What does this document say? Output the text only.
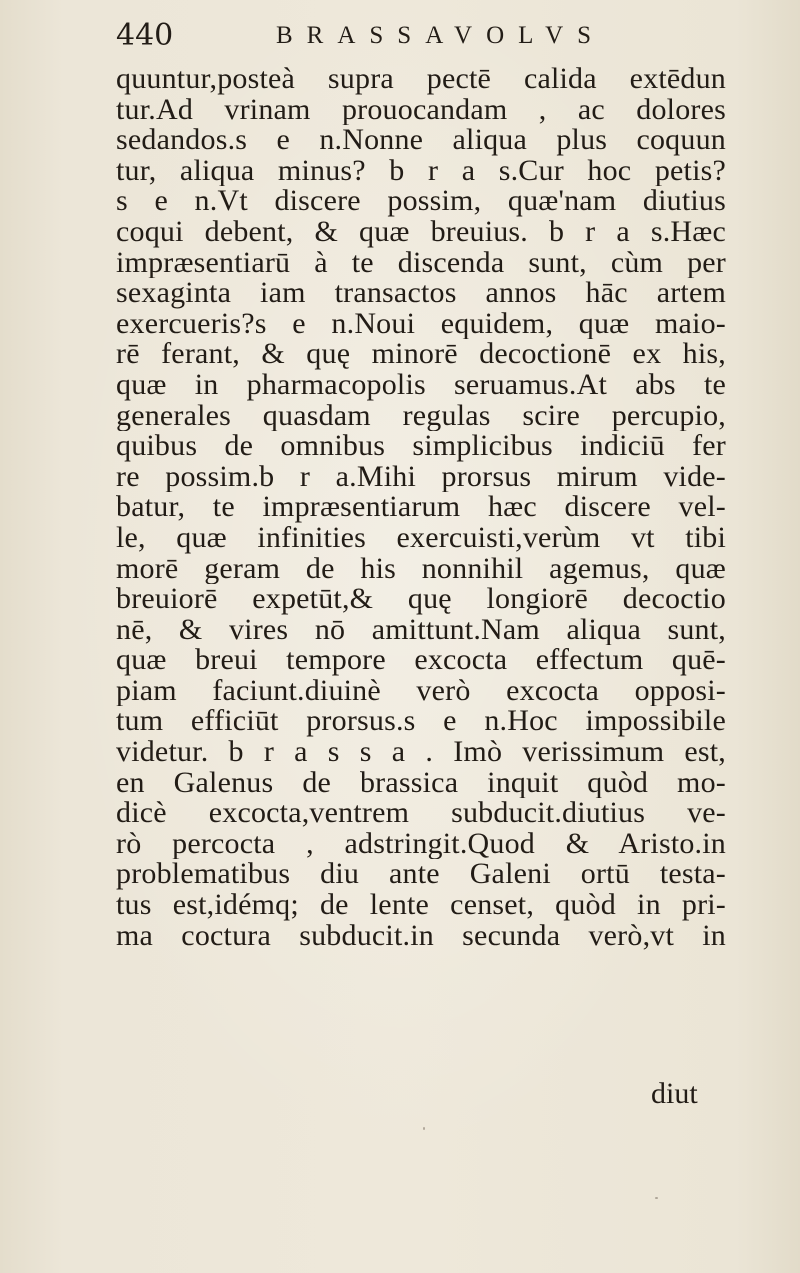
440	BRASSAVOLVS
quuntur,posteà supra pectē calida extēdun
tur.Ad vrinam prouocandam , ac dolores
sedandos.s e n.Nonne aliqua plus coquun
tur, aliqua minus? b r a s.Cur hoc petis?
s e n.Vt discere possim, quæ'nam diutius
coqui debent, & quæ breuius. b r a s.Hæc
impræsentiarū à te discenda sunt, cùm per
sexaginta iam transactos annos hāc artem
exercueris?s e n.Noui equidem, quæ maio-
rē ferant, & quę minorē decoctionē ex his,
quæ in pharmacopolis seruamus.At abs te
generales quasdam regulas scire percupio,
quibus de omnibus simplicibus indiciū fer
re possim.b r a.Mihi prorsus mirum vide-
batur, te impræsentiarum hæc discere vel-
le, quæ infinities exercuisti,verùm vt tibi
morē geram de his nonnihil agemus, quæ
breuiorē expetūt,& quę longiorē decoctio
nē, & vires nō amittunt.Nam aliqua sunt,
quæ breui tempore excocta effectum quē-
piam faciunt.diuinè verò excocta opposi-
tum efficiūt prorsus.s e n.Hoc impossibile
videtur. b r a s s a . Imò verissimum est,
en Galenus de brassica inquit quòd mo-
dicè excocta,ventrem subducit.diutius ve-
rò percocta , adstringit.Quod & Aristo.in
problematibus diu ante Galeni ortū testa-
tus est,idémq; de lente censet, quòd in pri-
ma coctura subducit.in secunda verò,vt in
diut
